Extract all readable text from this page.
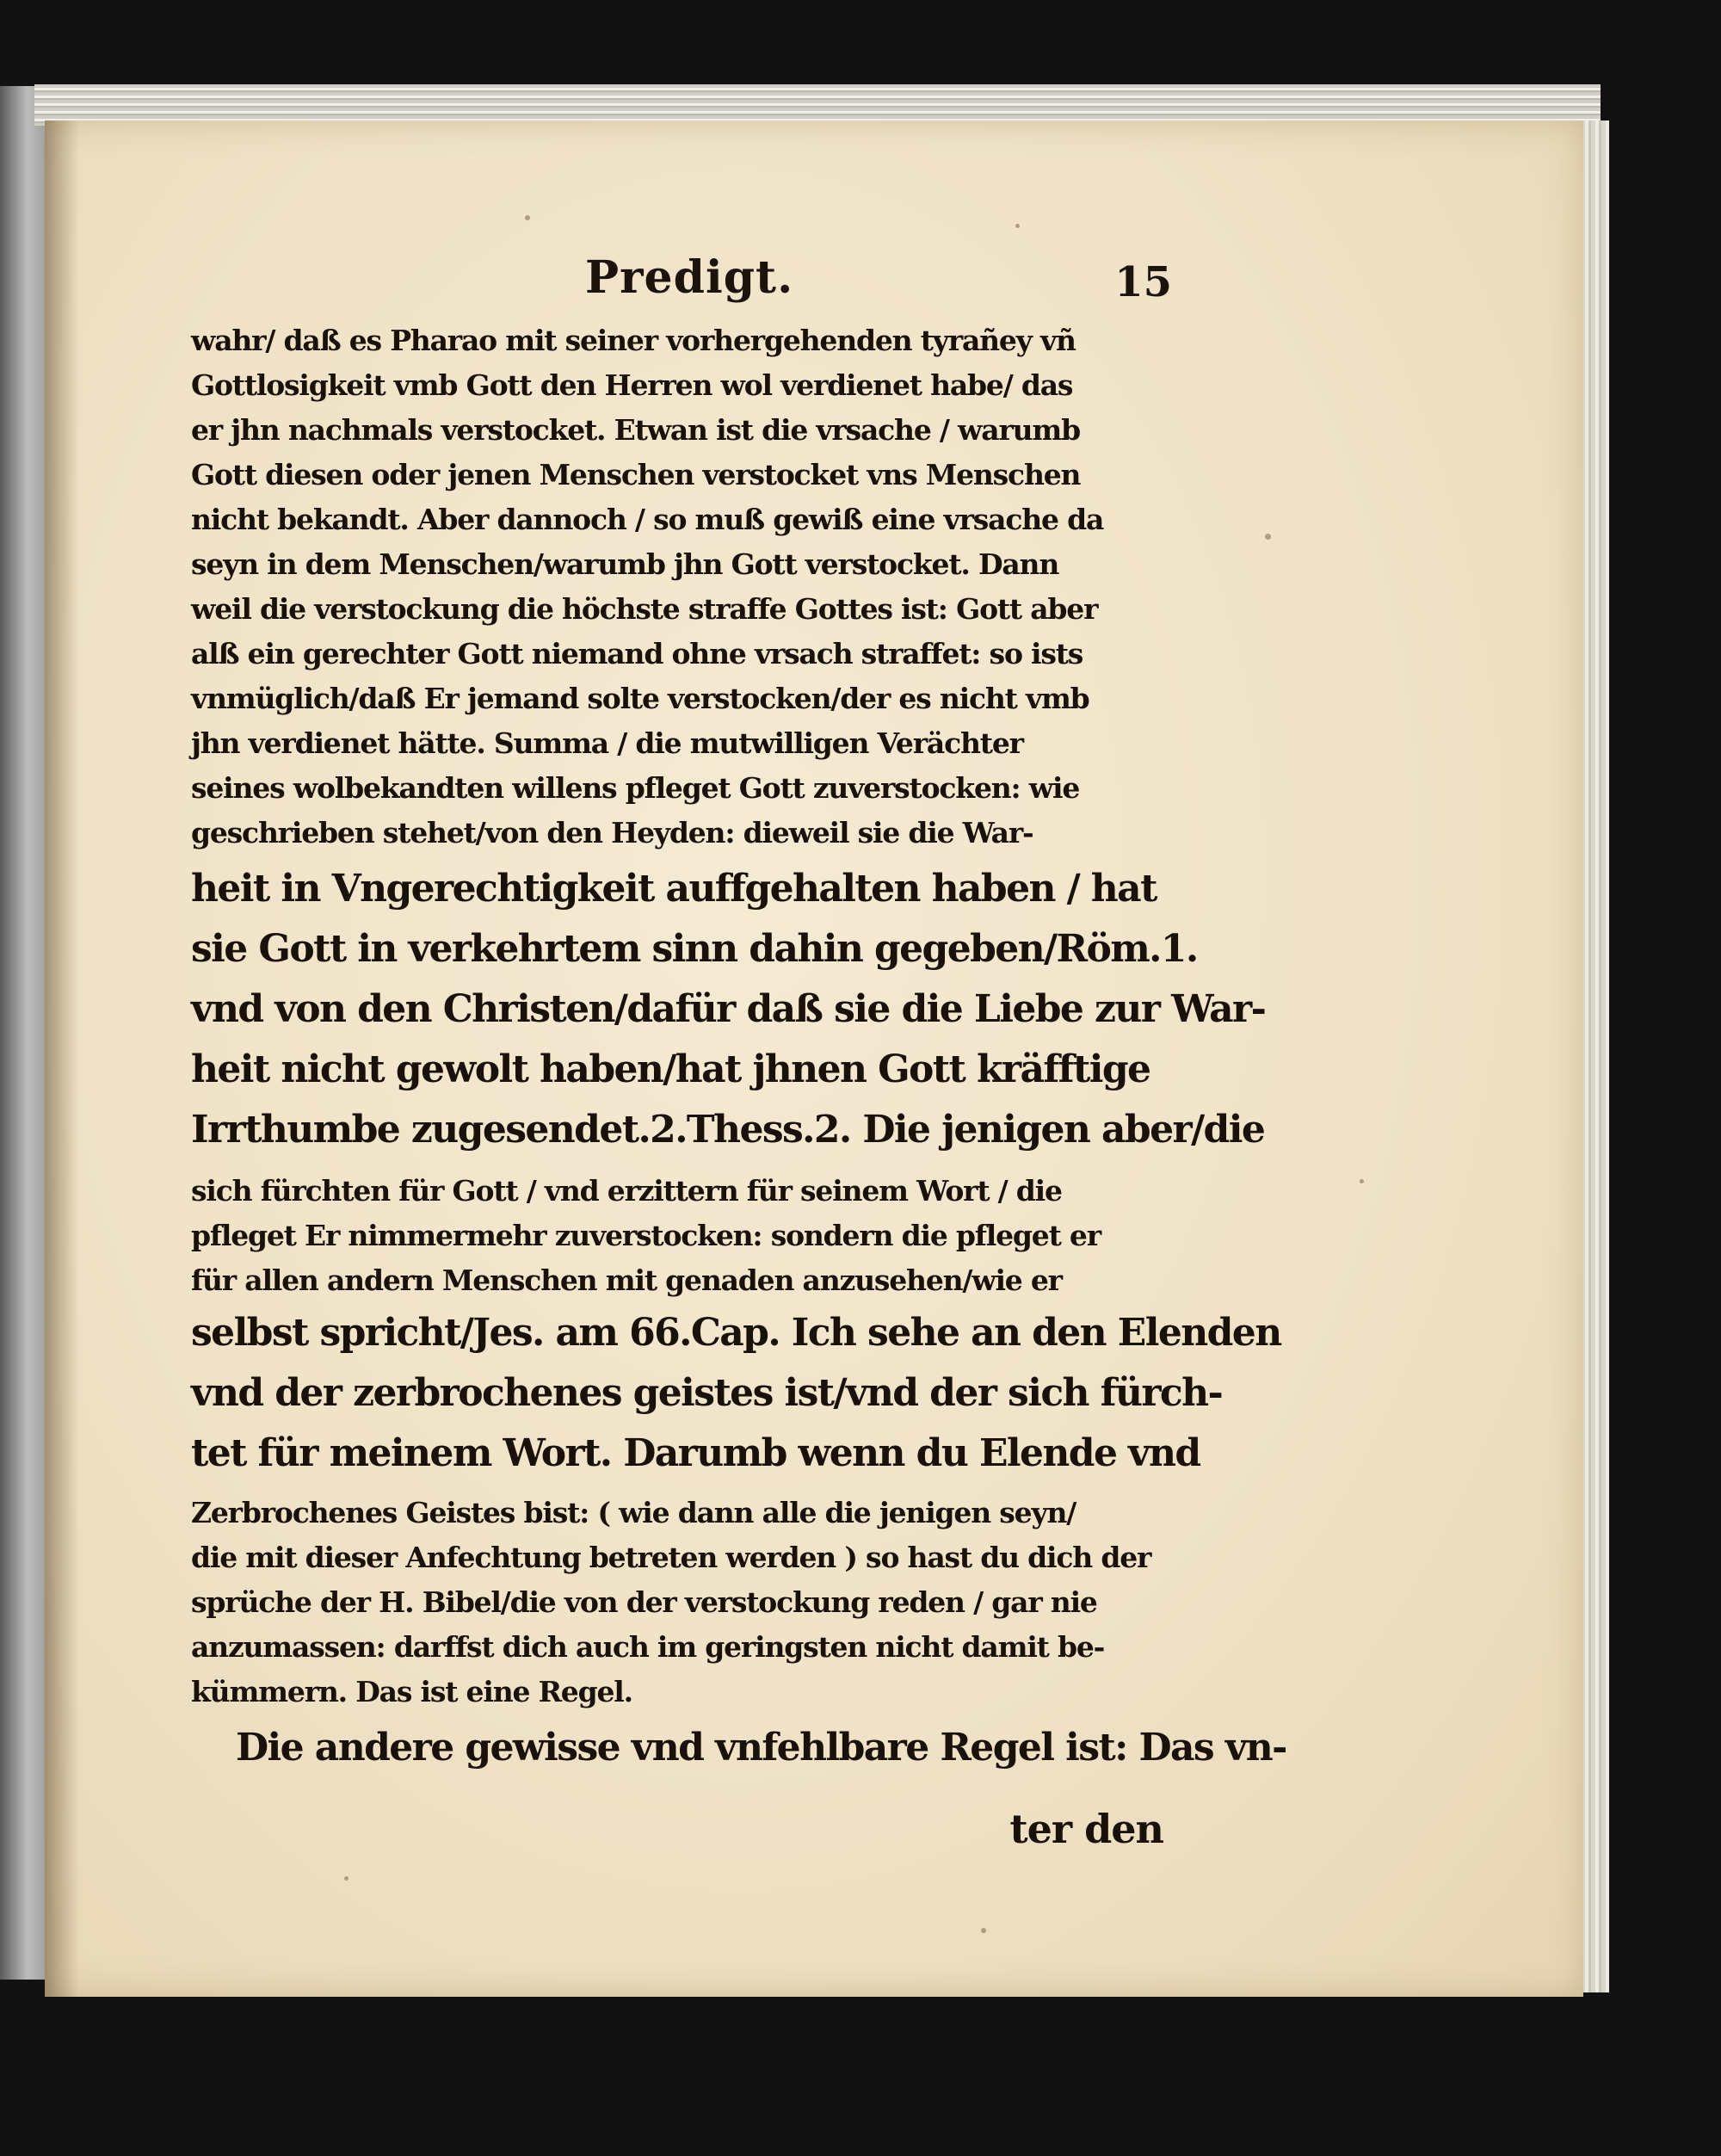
Predigt.	15
wahr/ daß es Pharao mit seiner vorhergehenden tyrañey vñ
Gottlosigkeit vmb Gott den Herren wol verdienet habe/ das
er jhn nachmals verstocket. Etwan ist die vrsache / warumb
Gott diesen oder jenen Menschen verstocket vns Menschen
nicht bekandt. Aber dannoch / so muß gewiß eine vrsache da
seyn in dem Menschen/warumb jhn Gott verstocket. Dann
weil die verstockung die höchste straffe Gottes ist: Gott aber
alß ein gerechter Gott niemand ohne vrsach straffet: so ists
vnmüglich/daß Er jemand solte verstocken/der es nicht vmb
jhn verdienet hätte. Summa / die mutwilligen Verächter
seines wolbekandten willens pfleget Gott zuverstocken: wie
geschrieben stehet/von den Heyden: dieweil sie die War-
heit in Vngerechtigkeit auffgehalten haben / hat
sie Gott in verkehrtem sinn dahin gegeben/Röm.1.
vnd von den Christen/dafür daß sie die Liebe zur War-
heit nicht gewolt haben/hat jhnen Gott kräfftige
Irrthumbe zugesendet.2.Thess.2. Die jenigen aber/die
sich fürchten für Gott / vnd erzittern für seinem Wort / die
pfleget Er nimmermehr zuverstocken: sondern die pfleget er
für allen andern Menschen mit genaden anzusehen/wie er
selbst spricht/Jes. am 66.Cap. Ich sehe an den Elenden
vnd der zerbrochenes geistes ist/vnd der sich fürch-
tet für meinem Wort. Darumb wenn du Elende vnd
Zerbrochenes Geistes bist: ( wie dann alle die jenigen seyn/
die mit dieser Anfechtung betreten werden ) so hast du dich der
sprüche der H. Bibel/die von der verstockung reden / gar nie
anzumassen: darffst dich auch im geringsten nicht damit be-
kümmern. Das ist eine Regel.
Die andere gewisse vnd vnfehlbare Regel ist: Das vn-
ter den
